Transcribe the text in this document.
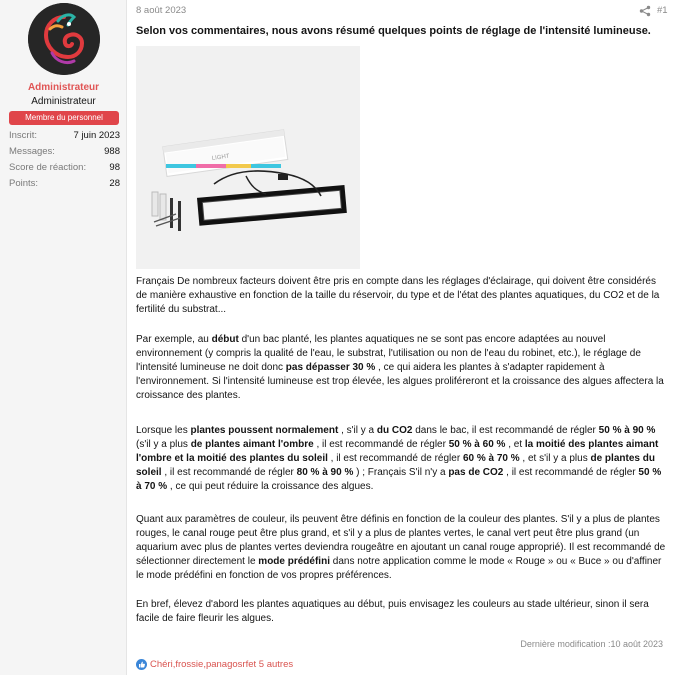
Administrateur
Administrateur
Membre du personnel
Inscrit:	7 juin 2023
Messages:	988
Score de réaction: 98
Points:	28
8 août 2023	#1
Selon vos commentaires, nous avons résumé quelques points de réglage de l'intensité lumineuse.
LIGHT
Français De nombreux facteurs doivent être pris en compte dans les réglages d'éclairage, qui doivent être considérés de manière exhaustive en fonction de la taille du réservoir, du type et de l'état des plantes aquatiques, du CO2 et de la fertilité du substrat...
Par exemple, au début d'un bac planté, les plantes aquatiques ne se sont pas encore adaptées au nouvel environnement (y compris la qualité de l'eau, le substrat, l'utilisation ou non de l'eau du robinet, etc.), le réglage de l'intensité lumineuse ne doit donc pas dépasser 30 % , ce qui aidera les plantes à s'adapter rapidement à l'environnement. Si l'intensité lumineuse est trop élevée, les algues proliféreront et la croissance des algues affectera la croissance des plantes.
Lorsque les plantes poussent normalement , s'il y a du CO2 dans le bac, il est recommandé de régler 50 % à 90 % (s'il y a plus de plantes aimant l'ombre , il est recommandé de régler 50 % à 60 % , et la moitié des plantes aimant l'ombre et la moitié des plantes du soleil , il est recommandé de régler 60 % à 70 % , et s'il y a plus de plantes du soleil , il est recommandé de régler 80 % à 90 % ) ; Français S'il n'y a pas de CO2 , il est recommandé de régler 50 % à 70 % , ce qui peut réduire la croissance des algues.
Quant aux paramètres de couleur, ils peuvent être définis en fonction de la couleur des plantes. S'il y a plus de plantes rouges, le canal rouge peut être plus grand, et s'il y a plus de plantes vertes, le canal vert peut être plus grand (un aquarium avec plus de plantes vertes deviendra rougeâtre en ajoutant un canal rouge approprié). Il est recommandé de sélectionner directement le mode prédéfini dans notre application comme le mode « Rouge » ou « Buce » ou d'affiner le mode prédéfini en fonction de vos propres préférences.
En bref, élevez d'abord les plantes aquatiques au début, puis envisagez les couleurs au stade ultérieur, sinon il sera facile de faire fleurir les algues.
Dernière modification :10 août 2023
Chéri,frossie,panagosrfet 5 autres
